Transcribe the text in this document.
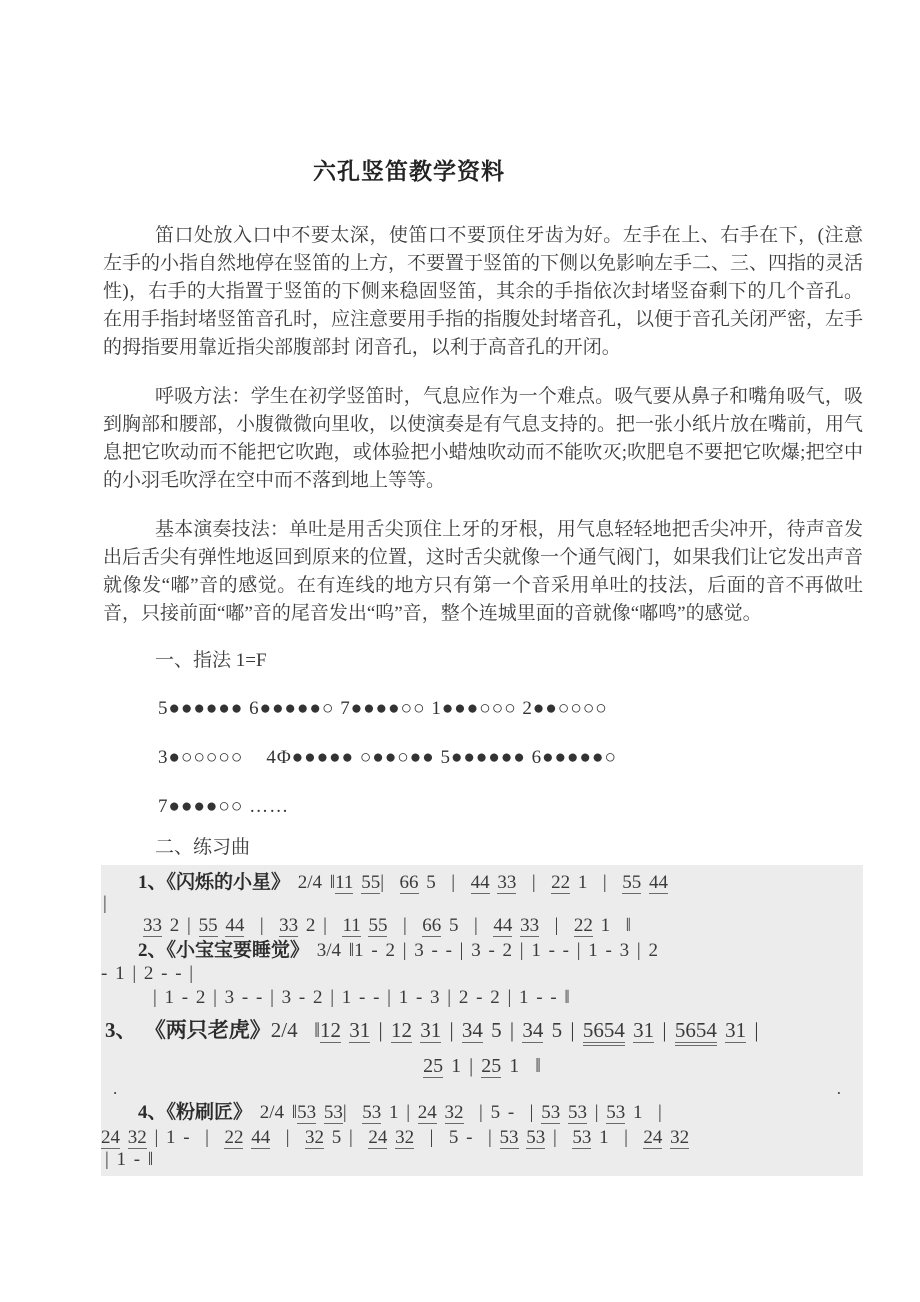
六孔竖笛教学资料

笛口处放入口中不要太深，使笛口不要顶住牙齿为好。左手在上、右手在下，(注意左手的小指自然地停在竖笛的上方，不要置于竖笛的下侧以免影响左手二、三、四指的灵活性)，右手的大指置于竖笛的下侧来稳固竖笛，其余的手指依次封堵竖奋剩下的几个音孔。在用手指封堵竖笛音孔时，应注意要用手指的指腹处封堵音孔，以便于音孔关闭严密，左手的拇指要用靠近指尖部腹部封 闭音孔，以利于高音孔的开闭。

呼吸方法：学生在初学竖笛时，气息应作为一个难点。吸气要从鼻子和嘴角吸气，吸到胸部和腰部，小腹微微向里收，以使演奏是有气息支持的。把一张小纸片放在嘴前，用气息把它吹动而不能把它吹跑，或体验把小蜡烛吹动而不能吹灭;吹肥皂不要把它吹爆;把空中的小羽毛吹浮在空中而不落到地上等等。

基本演奏技法：单吐是用舌尖顶住上牙的牙根，用气息轻轻地把舌尖冲开，待声音发出后舌尖有弹性地返回到原来的位置，这时舌尖就像一个通气阀门，如果我们让它发出声音就像发“嘟”音的感觉。在有连线的地方只有第一个音采用单吐的技法，后面的音不再做吐音，只接前面“嘟”音的尾音发出“呜”音，整个连城里面的音就像“嘟鸣”的感觉。

一、指法 1=F
5●●●●●● 6●●●●●○ 7●●●●○○ 1●●●○○○ 2●●○○○○
3●○○○○○    4Φ●●●●● ○●●○●● 5●●●●●● 6●●●●●○
7●●●●○○ ……
二、练习曲
1、《闪烁的小星》 2/4 ‖11 55|  66 5  |  44 33  |  22 1  |  55 44
|
33 2 | 55 44  |  33 2 |  11 55  |  66 5  |  44 33  |  22 1  ‖
2、《小宝宝要睡觉》 3/4 ‖1 - 2 | 3 - - | 3 - 2 | 1 - - | 1 - 3 | 2
- 1 | 2 - - |
| 1 - 2 | 3 - - | 3 - 2 | 1 - - | 1 - 3 | 2 - 2 | 1 - - ‖
3、 《两只老虎》2/4  ‖12 31 | 12 31 | 34 5 | 34 5 | 5654 31 | 5654 31 |
25 1 | 25 1  ‖
.	.
4、《粉刷匠》 2/4 ‖53 53|  53 1 | 24 32  | 5 -  | 53 53 | 53 1  |
24 32 | 1 -  |  22 44  |  32 5 |  24 32  |  5 -  | 53 53 |  53 1  |  24 32
| 1 - ‖
